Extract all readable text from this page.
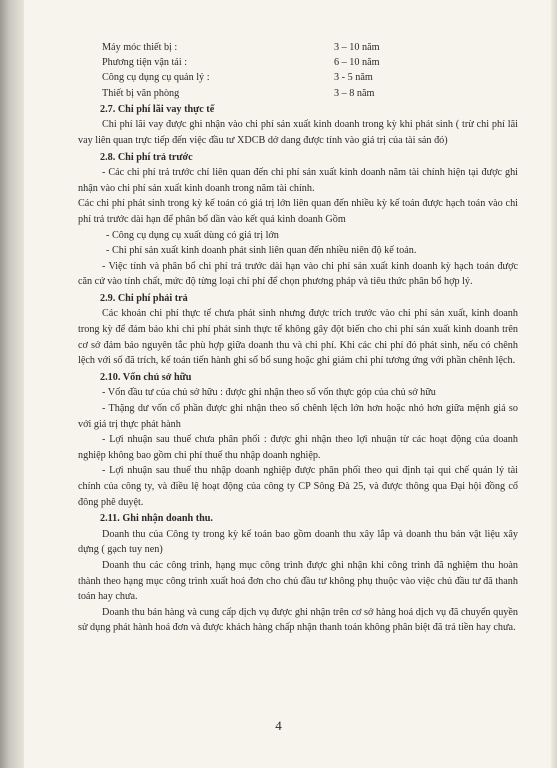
Máy móc thiết bị :	3 – 10 năm
Phương tiện vận tải :	6 – 10 năm
Công cụ dụng cụ quản lý :	3 - 5 năm
Thiết bị văn phòng	3 – 8 năm
2.7. Chi phí lãi vay thực tế

Chi phí lãi vay được ghi nhận vào chi phí sản xuất kinh doanh trong kỳ khi phát sinh ( trừ chi phí lãi vay liên quan trực tiếp đến việc đầu tư XDCB dở dang được tính vào giá trị của tài sản đó)

2.8. Chi phí trả trước

- Các chi phí trả trước chỉ liên quan đến chi phí sản xuất kinh doanh năm tài chính hiện tại được ghi nhận vào chi phí sản xuất kinh doanh trong năm tài chính.

Các chi phí phát sinh trong kỳ kế toán có giá trị lớn liên quan đến nhiều kỳ kế toán được hạch toán vào chi phí trả trước dài hạn để phân bổ dần vào kết quả kinh doanh Gồm

- Công cụ dụng cụ xuất dùng có giá trị lớn

- Chi phí sản xuất kinh doanh phát sinh liên quan đến nhiều niên độ kế toán.

- Việc tính và phân bổ chi phí trả trước dài hạn vào chi phí sản xuất kinh doanh kỳ hạch toán được căn cứ vào tính chất, mức độ từng loại chi phí để chọn phương pháp và tiêu thức phân bổ hợp lý.

2.9. Chi phí phải trả

Các khoản chi phí thực tế chưa phát sinh nhưng được trích trước vào chi phí sản xuất, kinh doanh trong kỳ để đảm bảo khi chi phí phát sinh thực tế không gây đột biến cho chi phí sản xuất kinh doanh trên cơ sở đảm bảo nguyên tắc phù hợp giữa doanh thu và chi phí. Khi các chi phí đó phát sinh, nếu có chênh lệch với số đã trích, kế toán tiến hành ghi sổ bổ sung hoặc ghi giảm chi phí tương ứng với phần chênh lệch.

2.10. Vốn chủ sở hữu

- Vốn đầu tư của chủ sở hữu : được ghi nhận theo số vốn thực góp của chủ sở hữu

- Thặng dư vốn cổ phần được ghi nhận theo số chênh lệch lớn hơn hoặc nhỏ hơn giữa mệnh giá so với giá trị thực phát hành

- Lợi nhuận sau thuế chưa phân phối : được ghi nhận theo lợi nhuận từ các hoạt động của doanh nghiệp không bao gồm chi phí thuế thu nhập doanh nghiệp.

- Lợi nhuận sau thuế thu nhập doanh nghiệp được phân phối theo qui định tại qui chế quản lý tài chính của công ty, và điều lệ hoạt động của công ty CP Sông Đà 25, và được thông qua Đại hội đồng cổ đông phê duyệt.

2.11. Ghi nhận doanh thu.

Doanh thu của Công ty trong kỳ kế toán bao gồm doanh thu xây lắp và doanh thu bán vật liệu xây dựng ( gạch tuy nen)

Doanh thu các công trình, hạng mục công trình được ghi nhận khi công trình đã nghiệm thu hoàn thành theo hạng mục công trình xuất hoá đơn cho chủ đầu tư không phụ thuộc vào việc chủ đầu tư đã thanh toán hay chưa.

Doanh thu bán hàng và cung cấp dịch vụ được ghi nhận trên cơ sở hàng hoá dịch vụ đã chuyển quyền sử dụng phát hành hoá đơn và được khách hàng chấp nhận thanh toán không phân biệt đã trả tiền hay chưa.

4
